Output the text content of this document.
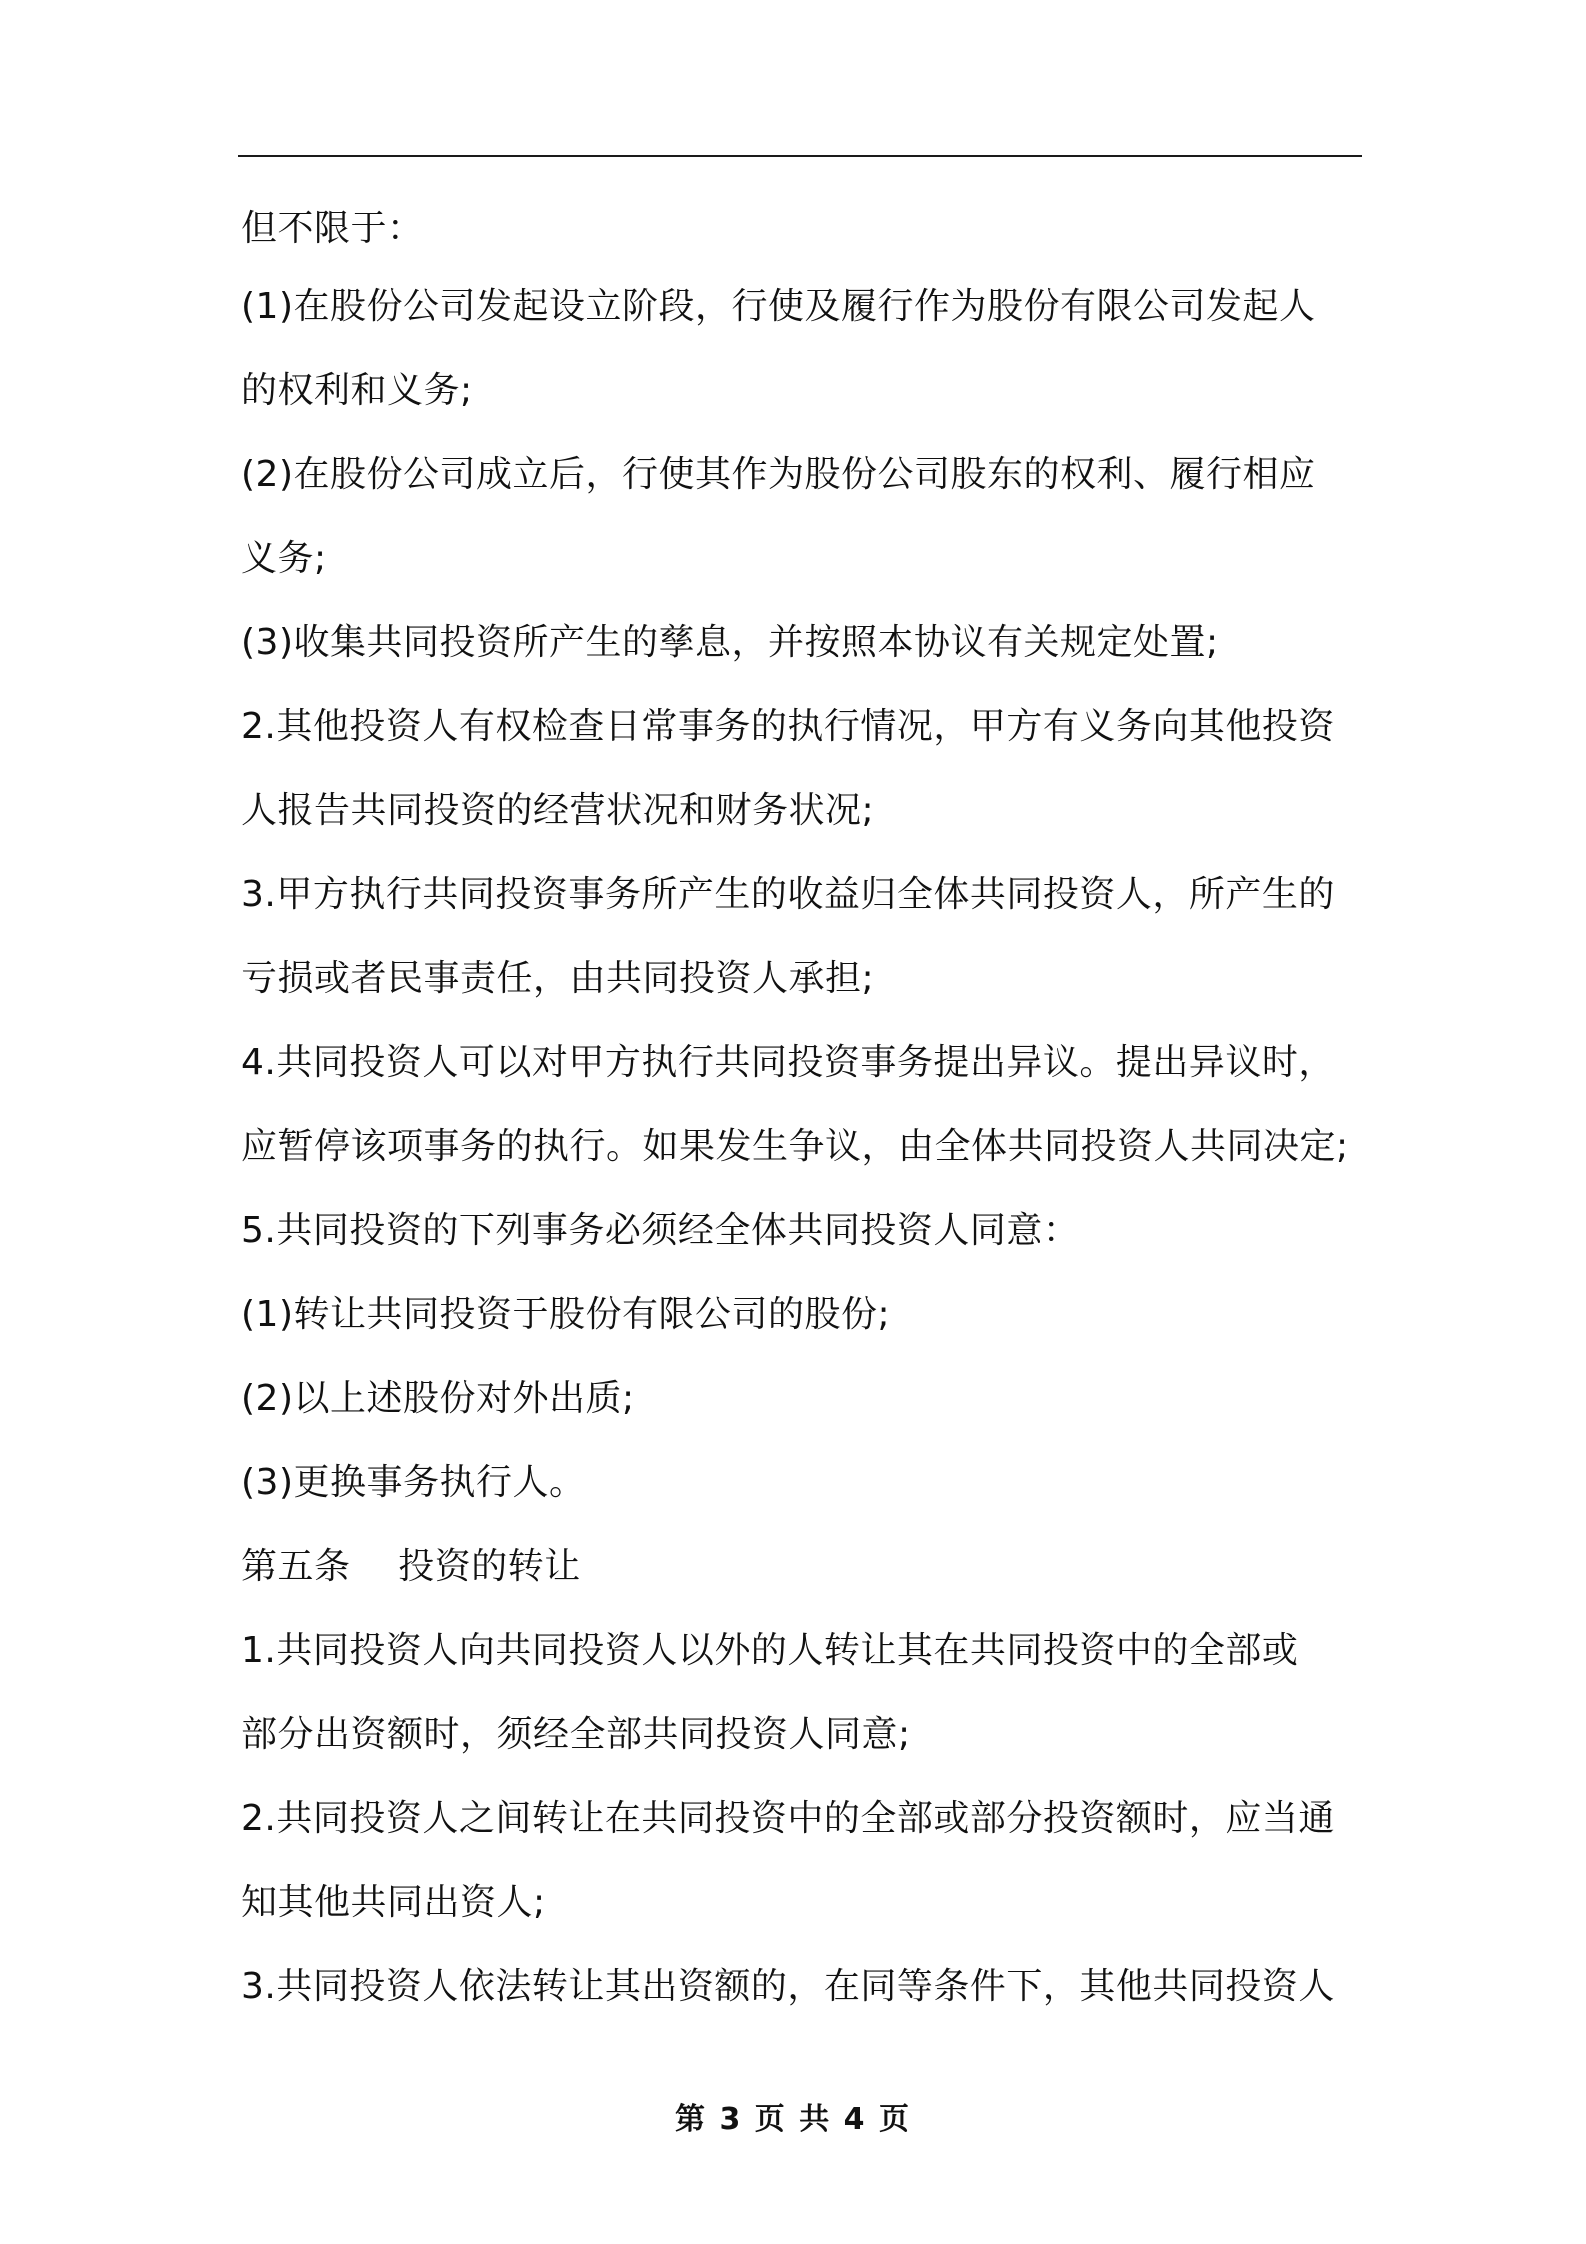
但不限于：
(1)在股份公司发起设立阶段，行使及履行作为股份有限公司发起人
的权利和义务;
(2)在股份公司成立后，行使其作为股份公司股东的权利、履行相应
义务;
(3)收集共同投资所产生的孳息，并按照本协议有关规定处置;
2.其他投资人有权检查日常事务的执行情况，甲方有义务向其他投资
人报告共同投资的经营状况和财务状况;
3.甲方执行共同投资事务所产生的收益归全体共同投资人，所产生的
亏损或者民事责任，由共同投资人承担;
4.共同投资人可以对甲方执行共同投资事务提出异议。提出异议时，
应暂停该项事务的执行。如果发生争议，由全体共同投资人共同决定;
5.共同投资的下列事务必须经全体共同投资人同意：
(1)转让共同投资于股份有限公司的股份;
(2)以上述股份对外出质;
(3)更换事务执行人。
第五条    投资的转让
1.共同投资人向共同投资人以外的人转让其在共同投资中的全部或
部分出资额时，须经全部共同投资人同意;
2.共同投资人之间转让在共同投资中的全部或部分投资额时，应当通
知其他共同出资人;
3.共同投资人依法转让其出资额的，在同等条件下，其他共同投资人
第 3 页 共 4 页
